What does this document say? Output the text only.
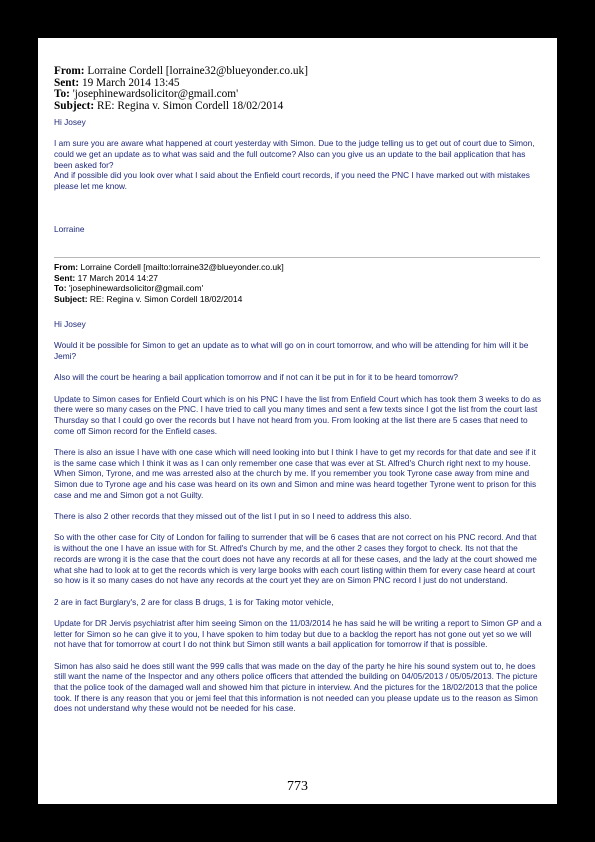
From: Lorraine Cordell [lorraine32@blueyonder.co.uk]
Sent: 19 March 2014 13:45
To: 'josephinewardsolicitor@gmail.com'
Subject: RE: Regina v. Simon Cordell 18/02/2014

Hi Josey

I am sure you are aware what happened at court yesterday with Simon. Due to the judge telling us to get out of court due to Simon, could we get an update as to what was said and the full outcome? Also can you give us an update to the bail application that has been asked for?

And if possible did you look over what I said about the Enfield court records, if you need the PNC I have marked out with mistakes please let me know.

Lorraine

From: Lorraine Cordell [mailto:lorraine32@blueyonder.co.uk]
Sent: 17 March 2014 14:27
To: 'josephinewardsolicitor@gmail.com'
Subject: RE: Regina v. Simon Cordell 18/02/2014

Hi Josey

Would it be possible for Simon to get an update as to what will go on in court tomorrow, and who will be attending for him will it be Jemi?

Also will the court be hearing a bail application tomorrow and if not can it be put in for it to be heard tomorrow?

Update to Simon cases for Enfield Court which is on his PNC I have the list from Enfield Court which has took them 3 weeks to do as there were so many cases on the PNC. I have tried to call you many times and sent a few texts since I got the list from the court last Thursday so that I could go over the records but I have not heard from you. From looking at the list there are 5 cases that need to come off Simon record for the Enfield cases.

There is also an issue I have with one case which will need looking into but I think I have to get my records for that date and see if it is the same case which I think it was as I can only remember one case that was ever at St. Alfred's Church right next to my house. When Simon, Tyrone, and me was arrested also at the church by me. If you remember you took Tyrone case away from mine and Simon due to Tyrone age and his case was heard on its own and Simon and mine was heard together Tyrone went to prison for this case and me and Simon got a not Guilty.

There is also 2 other records that they missed out of the list I put in so I need to address this also.

So with the other case for City of London for failing to surrender that will be 6 cases that are not correct on his PNC record. And that is without the one I have an issue with for St. Alfred's Church by me, and the other 2 cases they forgot to check. Its not that the records are wrong it is the case that the court does not have any records at all for these cases, and the lady at the court showed me what she had to look at to get the records which is very large books with each court listing within them for every case heard at court so how is it so many cases do not have any records at the court yet they are on Simon PNC record I just do not understand.

2 are in fact Burglary's, 2 are for class B drugs, 1 is for Taking motor vehicle,

Update for DR Jervis psychiatrist after him seeing Simon on the 11/03/2014 he has said he will be writing a report to Simon GP and a letter for Simon so he can give it to you, I have spoken to him today but due to a backlog the report has not gone out yet so we will not have that for tomorrow at court I do not think but Simon still wants a bail application for tomorrow if that is possible.

Simon has also said he does still want the 999 calls that was made on the day of the party he hire his sound system out to, he does still want the name of the Inspector and any others police officers that attended the building on 04/05/2013 / 05/05/2013. The picture that the police took of the damaged wall and showed him that picture in interview. And the pictures for the 18/02/2013 that the police took. If there is any reason that you or jemi feel that this information is not needed can you please update us to the reason as Simon does not understand why these would not be needed for his case.

773
